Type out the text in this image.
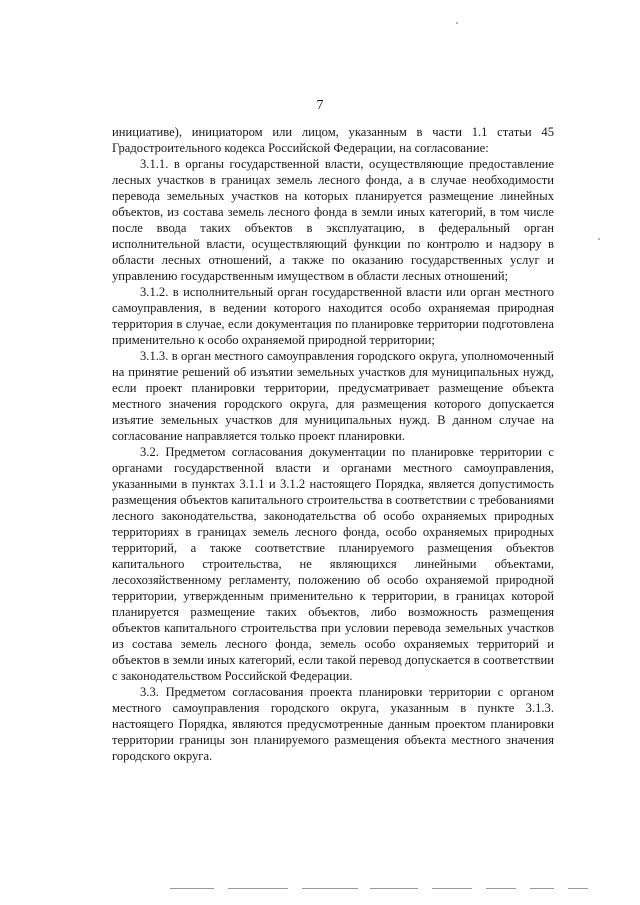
7

инициативе), инициатором или лицом, указанным в части 1.1 статьи 45 Градостроительного кодекса Российской Федерации, на согласование:

3.1.1. в органы государственной власти, осуществляющие предоставление лесных участков в границах земель лесного фонда, а в случае необходимости перевода земельных участков на которых планируется размещение линейных объектов, из состава земель лесного фонда в земли иных категорий, в том числе после ввода таких объектов в эксплуатацию, в федеральный орган исполнительной власти, осуществляющий функции по контролю и надзору в области лесных отношений, а также по оказанию государственных услуг и управлению государственным имуществом в области лесных отношений;

3.1.2. в исполнительный орган государственной власти или орган местного самоуправления, в ведении которого находится особо охраняемая природная территория в случае, если документация по планировке территории подготовлена применительно к особо охраняемой природной территории;

3.1.3. в орган местного самоуправления городского округа, уполномоченный на принятие решений об изъятии земельных участков для муниципальных нужд, если проект планировки территории, предусматривает размещение объекта местного значения городского округа, для размещения которого допускается изъятие земельных участков для муниципальных нужд. В данном случае на согласование направляется только проект планировки.

3.2. Предметом согласования документации по планировке территории с органами государственной власти и органами местного самоуправления, указанными в пунктах 3.1.1 и 3.1.2 настоящего Порядка, является допустимость размещения объектов капитального строительства в соответствии с требованиями лесного законодательства, законодательства об особо охраняемых природных территориях в границах земель лесного фонда, особо охраняемых природных территорий, а также соответствие планируемого размещения объектов капитального строительства, не являющихся линейными объектами, лесохозяйственному регламенту, положению об особо охраняемой природной территории, утвержденным применительно к территории, в границах которой планируется размещение таких объектов, либо возможность размещения объектов капитального строительства при условии перевода земельных участков из состава земель лесного фонда, земель особо охраняемых территорий и объектов в земли иных категорий, если такой перевод допускается в соответствии с законодательством Российской Федерации.

3.3. Предметом согласования проекта планировки территории с органом местного самоуправления городского округа, указанным в пункте 3.1.3. настоящего Порядка, являются предусмотренные данным проектом планировки территории границы зон планируемого размещения объекта местного значения городского округа.
